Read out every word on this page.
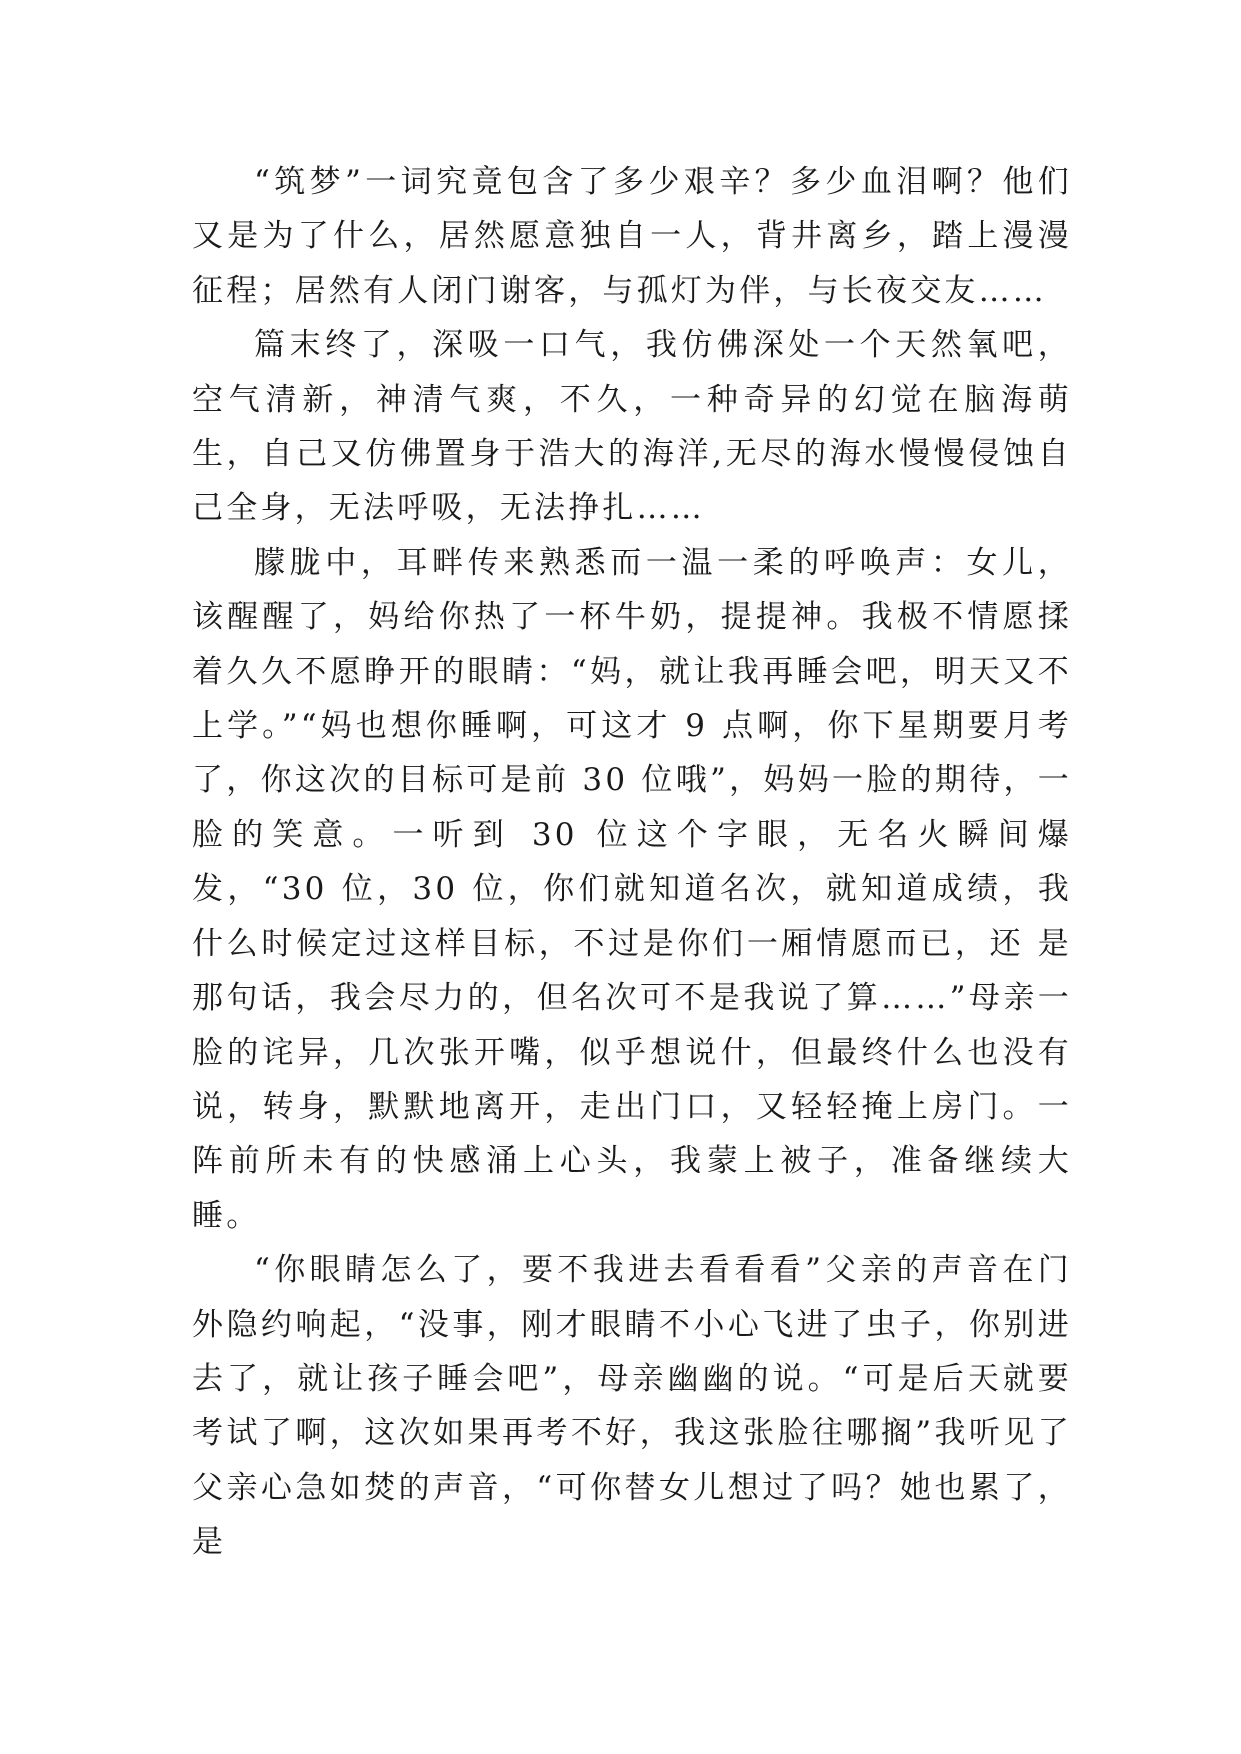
“筑梦”一词究竟包含了多少艰辛？多少血泪啊？他们又是为了什么，居然愿意独自一人，背井离乡，踏上漫漫征程；居然有人闭门谢客，与孤灯为伴，与长夜交友……

篇末终了，深吸一口气，我仿佛深处一个天然氧吧，空气清新，神清气爽，不久，一种奇异的幻觉在脑海萌生，自己又仿佛置身于浩大的海洋,无尽的海水慢慢侵蚀自己全身，无法呼吸，无法挣扎……

朦胧中，耳畔传来熟悉而一温一柔的呼唤声：女儿，该醒醒了，妈给你热了一杯牛奶，提提神。我极不情愿揉着久久不愿睁开的眼睛：“妈，就让我再睡会吧，明天又不上学。”“妈也想你睡啊，可这才 9 点啊，你下星期要月考了，你这次的目标可是前 30 位哦”，妈妈一脸的期待，一脸的笑意。一听到 30 位这个字眼，无名火瞬间爆发，“30 位，30 位，你们就知道名次，就知道成绩，我什么时候定过这样目标，不过是你们一厢情愿而已，还 是那句话，我会尽力的，但名次可不是我说了算……”母亲一脸的诧异，几次张开嘴，似乎想说什，但最终什么也没有说，转身，默默地离开，走出门口，又轻轻掩上房门。一阵前所未有的快感涌上心头，我蒙上被子，准备继续大睡。

“你眼睛怎么了，要不我进去看看看”父亲的声音在门外隐约响起，“没事，刚才眼睛不小心飞进了虫子，你别进去了，就让孩子睡会吧”，母亲幽幽的说。“可是后天就要考试了啊，这次如果再考不好，我这张脸往哪搁”我听见了父亲心急如焚的声音，“可你替女儿想过了吗？她也累了，是
